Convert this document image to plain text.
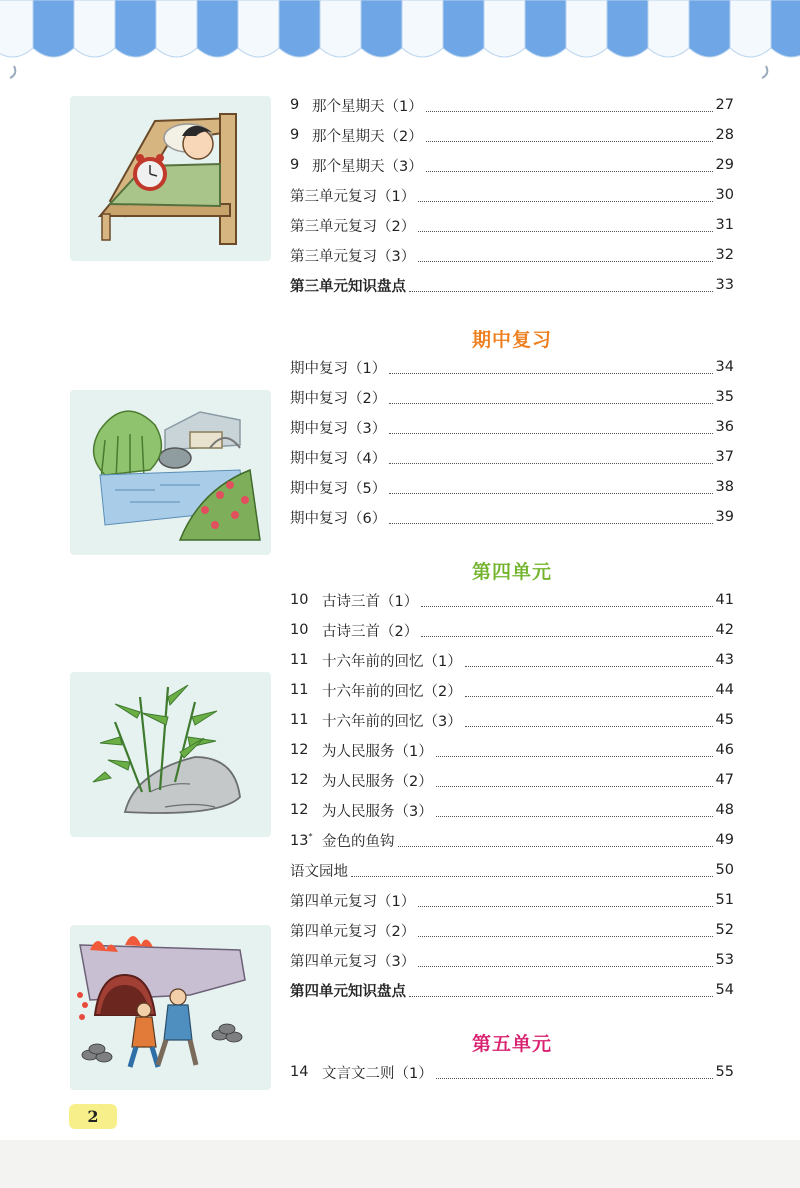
9 那个星期天（1）	27
9 那个星期天（2）	28
9 那个星期天（3）	29
第三单元复习（1）	30
第三单元复习（2）	31
第三单元复习（3）	32
第三单元知识盘点	33
期中复习
期中复习（1）	34
期中复习（2）	35
期中复习（3）	36
期中复习（4）	37
期中复习（5）	38
期中复习（6）	39
第四单元
10 古诗三首（1）	41
10 古诗三首（2）	42
11 十六年前的回忆（1）	43
11 十六年前的回忆（2）	44
11 十六年前的回忆（3）	45
12 为人民服务（1）	46
12 为人民服务（2）	47
12 为人民服务（3）	48
13* 金色的鱼钩	49
语文园地	50
第四单元复习（1）	51
第四单元复习（2）	52
第四单元复习（3）	53
第四单元知识盘点	54
第五单元
14 文言文二则（1）	55
2
